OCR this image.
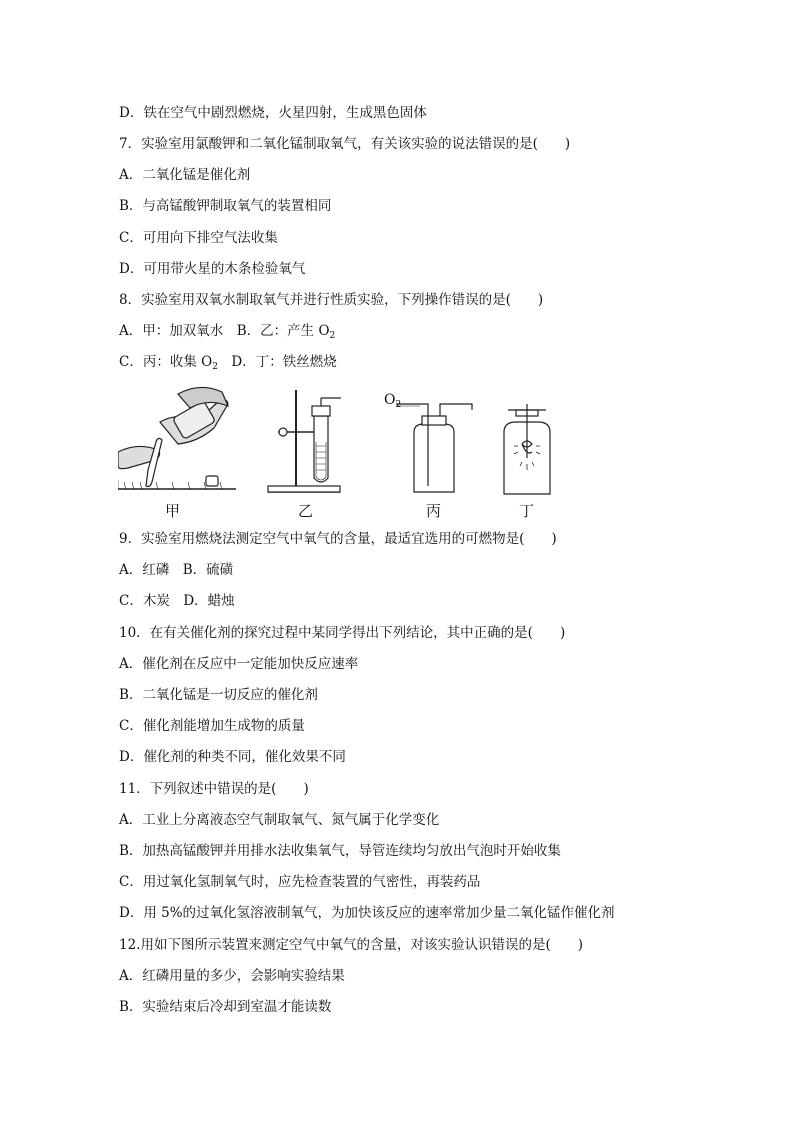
D．铁在空气中剧烈燃烧，火星四射，生成黑色固体
7．实验室用氯酸钾和二氧化锰制取氧气，有关该实验的说法错误的是(　　)
A．二氧化锰是催化剂
B．与高锰酸钾制取氧气的装置相同
C．可用向下排空气法收集
D．可用带火星的木条检验氧气
8．实验室用双氧水制取氧气并进行性质实验，下列操作错误的是(　　)
A．甲：加双氧水　B．乙：产生 $O_2$
C．丙：收集 $O_2$　D．丁：铁丝燃烧
$O_2$
甲	乙	丙	丁
9．实验室用燃烧法测定空气中氧气的含量，最适宜选用的可燃物是(　　)
A．红磷　B．硫磺
C．木炭　D．蜡烛
10．在有关催化剂的探究过程中某同学得出下列结论，其中正确的是(　　)
A．催化剂在反应中一定能加快反应速率
B．二氧化锰是一切反应的催化剂
C．催化剂能增加生成物的质量
D．催化剂的种类不同，催化效果不同
11．下列叙述中错误的是(　　)
A．工业上分离液态空气制取氧气、氮气属于化学变化
B．加热高锰酸钾并用排水法收集氧气，导管连续均匀放出气泡时开始收集
C．用过氧化氢制氧气时，应先检查装置的气密性，再装药品
D．用 5%的过氧化氢溶液制氧气，为加快该反应的速率常加少量二氧化锰作催化剂
12.用如下图所示装置来测定空气中氧气的含量，对该实验认识错误的是(　　)
A．红磷用量的多少，会影响实验结果
B．实验结束后冷却到室温才能读数
